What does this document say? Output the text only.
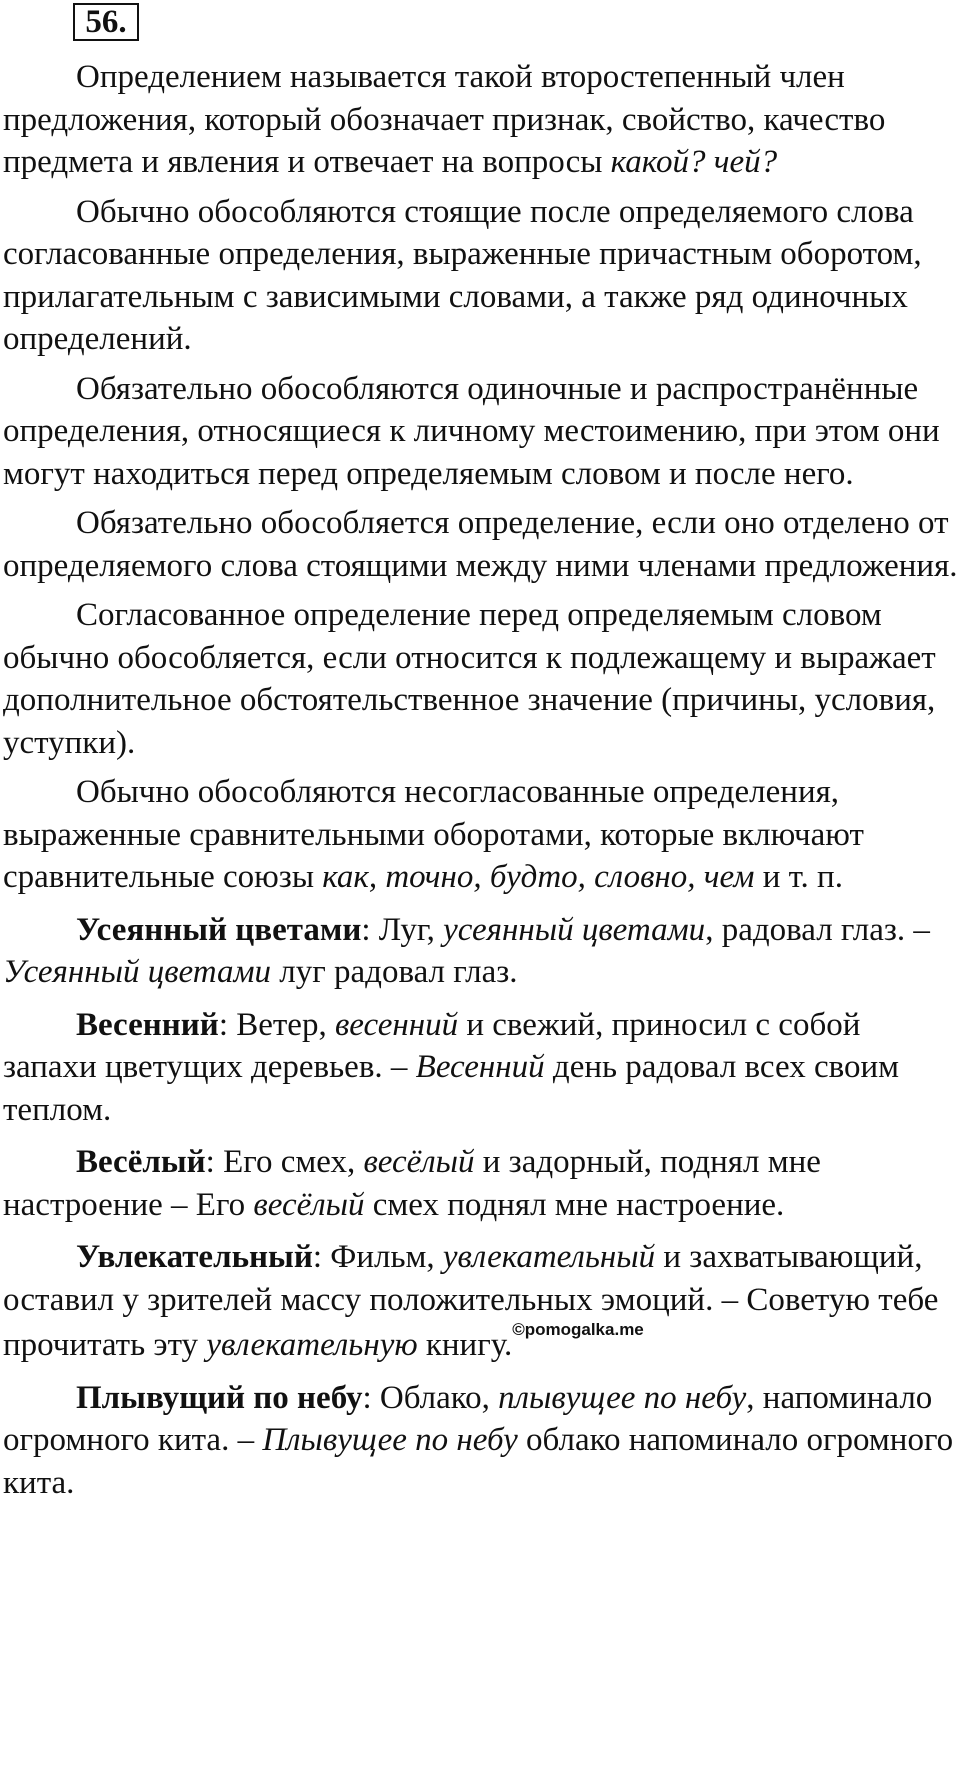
56.

Определением называется такой второстепенный член предложения, который обозначает признак, свойство, качество предмета и явления и отвечает на вопросы какой? чей?

Обычно обособляются стоящие после определяемого слова согласованные определения, выраженные причастным оборотом, прилагательным с зависимыми словами, а также ряд одиночных определений.

Обязательно обособляются одиночные и распространённые определения, относящиеся к личному местоимению, при этом они могут находиться перед определяемым словом и после него.

Обязательно обособляется определение, если оно отделено от определяемого слова стоящими между ними членами предложения.

Согласованное определение перед определяемым словом обычно обособляется, если относится к подлежащему и выражает дополнительное обстоятельственное значение (причины, условия, уступки).

Обычно обособляются несогласованные определения, выраженные сравнительными оборотами, которые включают сравнительные союзы как, точно, будто, словно, чем и т. п.

Усеянный цветами: Луг, усеянный цветами, радовал глаз. – Усеянный цветами луг радовал глаз.

Весенний: Ветер, весенний и свежий, приносил с собой запахи цветущих деревьев. – Весенний день радовал всех своим теплом.

Весёлый: Его смех, весёлый и задорный, поднял мне настроение – Его весёлый смех поднял мне настроение.

Увлекательный: Фильм, увлекательный и захватывающий, оставил у зрителей массу положительных эмоций. – Советую тебе прочитать эту увлекательную книгу.©pomogalka.me

Плывущий по небу: Облако, плывущее по небу, напоминало огромного кита. – Плывущее по небу облако напоминало огромного кита.
